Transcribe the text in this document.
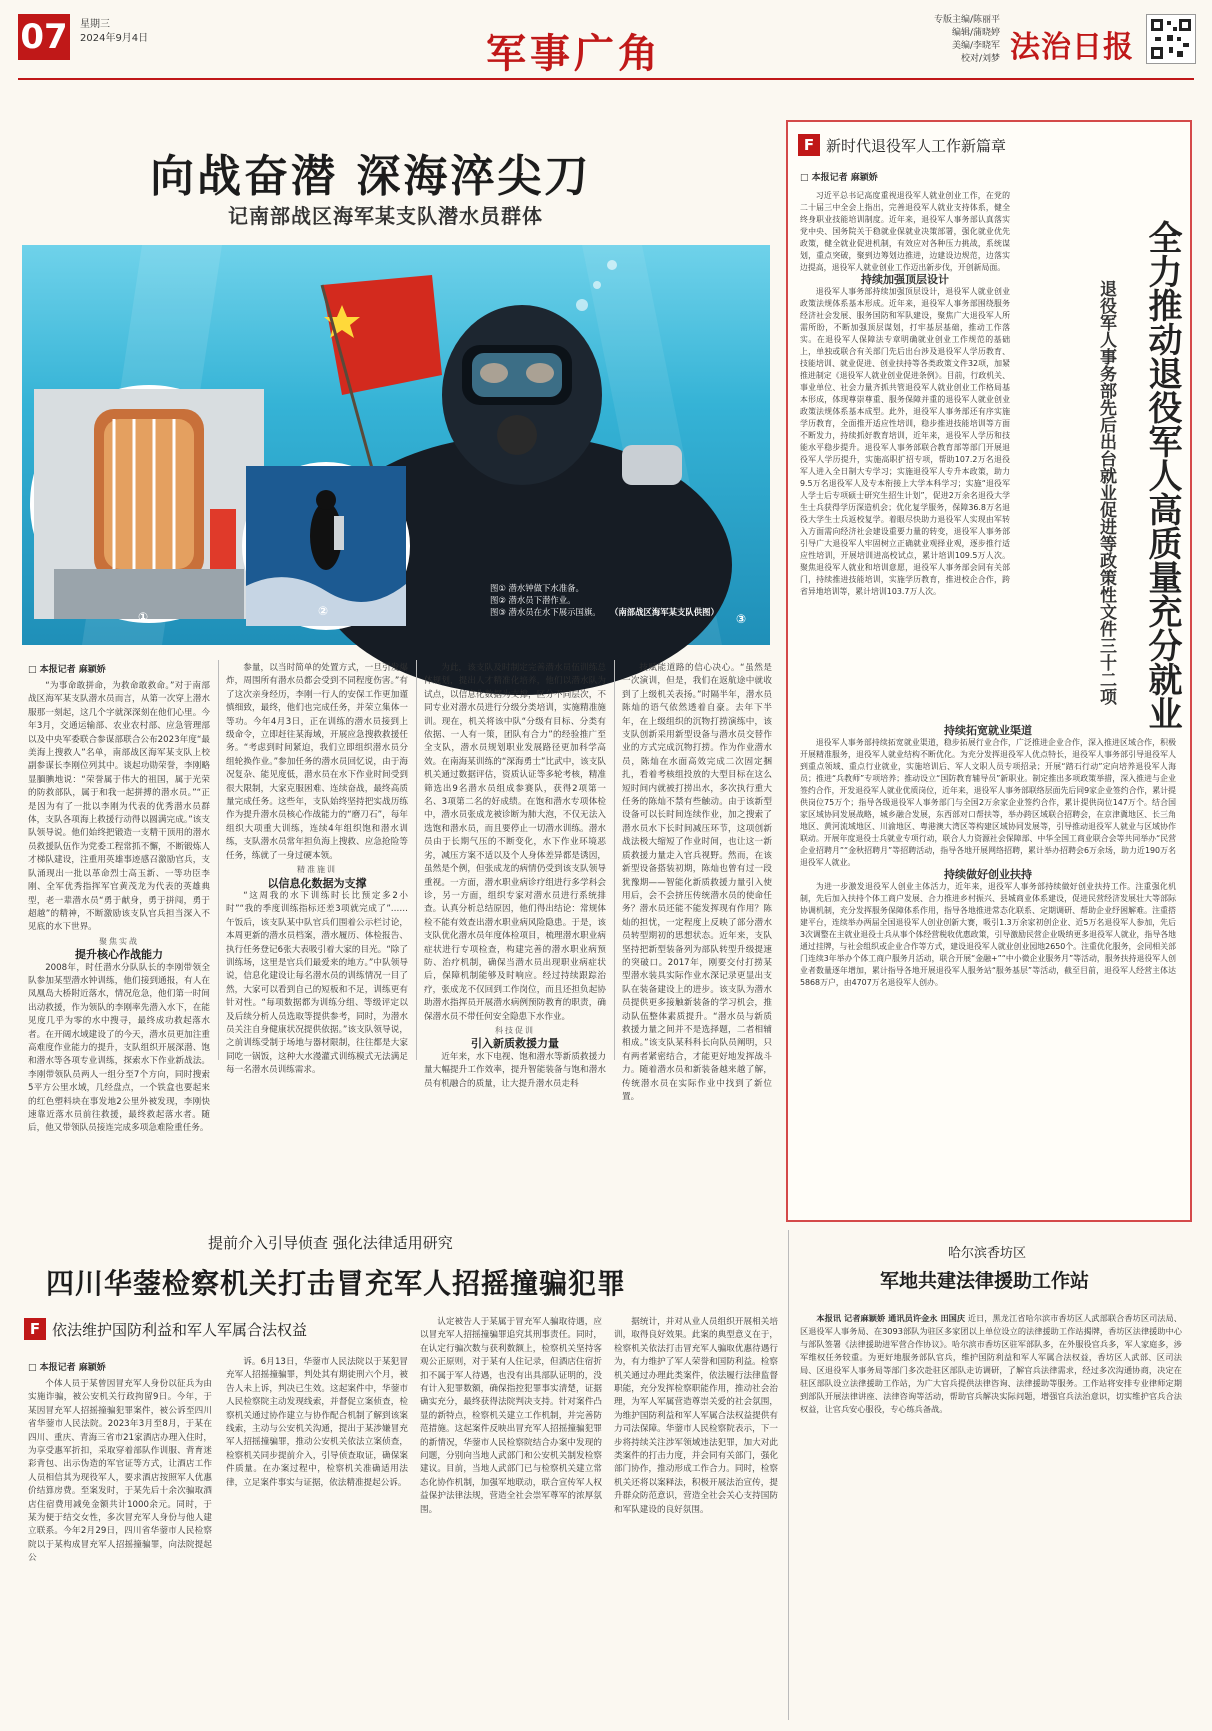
07 星期三
2024年9月4日	军事广角
专版主编/陈丽平
编辑/蒲晓婷
美编/李晓军
校对/刘梦 法治日报
向战奋潜 深海淬尖刀
记南部战区海军某支队潜水员群体
①	②
③
图① 潜水钟做下水准备。
图② 潜水员下潜作业。
图③ 潜水员在水下展示国旗。 （南部战区海军某支队供图）
□ 本报记者 麻颖娇

“为事命敢拼命，为救命敢救命。”对于南部战区海军某支队潜水员而言，从第一次穿上潜水服那一刻起，这几个字就深深刻在他们心里。今年3月，交通运输部、农业农村部、应急管理部以及中央军委联合参谋部联合公布2023年度“最美海上搜救人”名单，南部战区海军某支队上校副参谋长李刚位列其中。谈起功勋荣誉，李刚略显腼腆地说：“荣誉属于伟大的祖国，属于光荣的防救部队，属于和我一起拼搏的潜水员。”“正是因为有了一批以李刚为代表的优秀潜水员群体，支队各项海上救援行动得以圆满完成。”该支队领导说。他们始终把锻造一支精干顶用的潜水员救援队伍作为党委工程常抓不懈，不断锻炼人才梯队建设，注重用英雄事迹感召激励官兵，支队涌现出一批以革命烈士高玉新、一等功臣李刚、全军优秀指挥军官黄茂龙为代表的英雄典型，老一辈潜水员“勇于献身，勇于拼闯，勇于超越”的精神，不断激励该支队官兵担当深入不见底的水下世界。

聚焦实战

提升核心作战能力

2008年，时任潜水分队队长的李刚带领全队参加某型潜水钟训练，他们接到通报，有人在凤凰岛大桥附近落水，情况危急，他们第一时间出动救援，作为领队的李刚率先潜入水下，在能见度几乎为零的水中搜寻，最终成功救起落水者。在开阔水域建设了的今天，潜水员更加注重高难度作业能力的提升，支队组织开展深潜、饱和潜水等各项专业训练，探索水下作业新战法。李刚带领队员两人一组分至7个方向，同时搜索5平方公里水域，几经盘点，一个铁盒也要起来的红色塑料块在事发地2公里外被发现，李刚快速靠近落水员前往救援，最终救起落水者。随后，他又带领队员接连完成多项急难险重任务。

参量，以当时简单的处置方式，一旦引发爆炸，周围所有潜水员都会受到不同程度伤害。”有了这次亲身经历，李刚一行人的安保工作更加谨慎细致，最终，他们也完成任务，并荣立集体一等功。今年4月3日，正在训练的潜水员接到上级命令，立即赶往某海域，开展应急搜救救援任务。“考虑到时间紧迫，我们立即组织潜水员分组轮换作业。”参加任务的潜水员回忆说，由于海况复杂、能见度低，潜水员在水下作业时间受到很大限制，大家克服困难、连续奋战，最终高质量完成任务。这些年，支队始终坚持把实战历练作为提升潜水员核心作战能力的“磨刀石”，每年组织大项重大训练，连续4年组织饱和潜水训练，支队潜水员常年担负海上搜救、应急抢险等任务，练就了一身过硬本领。

精准施训

以信息化数据为支撑

“这周我的水下训练时长比预定多2小时”“我的季度训练指标还差3项就完成了”……午饭后，该支队某中队官兵们围着公示栏讨论，本周更新的潜水员档案，潜水履历、体检报告、执行任务登记6张大表吸引着大家的目光。“除了训练场，这里是官兵们最爱来的地方。”中队领导说，信息化建设让每名潜水员的训练情况一目了然，大家可以看到自己的短板和不足，训练更有针对性。“每项数据都为训练分组、等级评定以及后续分析人员选取等提供参考，同时，为潜水员关注自身健康状况提供依据。”该支队领导说，之前训练受制于场地与器材限制，往往都是大家同吃一锅饭，这种大水漫灌式训练模式无法满足每一名潜水员训练需求。

为此，该支队及时制定完善潜水员伍训练总体规划，提出人才精准化培养，他们以潜水队为试点，以信息化数据为支撑，区分不同层次，不同专业对潜水员进行分级分类培训，实施精准施训。现在，机关将该中队“分级有目标、分类有依据、一人有一策，团队有合力”的经验推广至全支队，潜水员规划职业发展路径更加科学高效。在南海某训练的“深海勇士”比武中，该支队机关通过数据评估，资质认证等多轮考核，精准筛选出9名潜水员组成参赛队，获得2项第一名、3项第二名的好成绩。在饱和潜水专项体检中，潜水员张成龙被诊断为肺大泡，不仅无法入选饱和潜水员，而且要停止一切潜水训练。潜水员由于长期气压的不断变化，水下作业环境恶劣，减压方案不适以及个人身体差异都是诱因，虽然是个例，但张成龙的病情仍受到该支队领导重视。一方面，潜水职业病诊疗组进行多学科会诊，另一方面，组织专家对潜水员进行系统排查。认真分析总结原因，他们得出结论：常规体检不能有效查出潜水职业病风险隐患。于是，该支队优化潜水员年度体检项目，梳理潜水职业病症状进行专项检查，构建完善的潜水职业病预防、治疗机制，确保当潜水员出现职业病症状后，保障机制能够及时响应。经过持续跟踪治疗，张成龙不仅回到工作岗位，而且还担负起协助潜水指挥员开展潜水病例预防教育的职责，确保潜水员不带任何安全隐患下水作业。

科技促训

引入新质救援力量

近年来，水下电视、饱和潜水等新质救援力量大幅提升工作效率，提升智能装备与饱和潜水员有机融合的质量，让大提升潜水员走科

技赋能道路的信心决心。“虽然是一次演训，但是，我们在返航途中就收到了上级机关表扬。”时隔半年，潜水员陈灿的语气依然透着自豪。去年下半年，在上级组织的沉物打捞演练中，该支队创新采用新型设备与潜水员交替作业的方式完成沉物打捞。作为作业潜水员，陈灿在水面高效完成二次固定捆扎，看着考核组投放的大型目标在这么短时间内就被打捞出水，多次执行重大任务的陈灿不禁有些触动。由于该新型设备可以长时间连续作业，加之搜索了潜水员水下长时间减压环节，这项创新战法极大缩短了作业时间，也让这一新质救援力量走入官兵视野。然而，在该新型设备搭装初期，陈灿也曾有过一段犹豫期——智能化新质救援力量引入使用后，会不会挤压传统潜水员的使命任务？潜水员还能不能发挥现有作用？陈灿的担忧，一定程度上反映了部分潜水员转型期初的思想状态。近年来，支队坚持把新型装备列为部队转型升级提速的突破口。2017年，刚要交付打捞某型潜水装具实际作业水深记录更显出支队在装备建设上的进步。该支队为潜水员提供更多接触新装备的学习机会，推动队伍整体素质提升。“潜水员与新质救援力量之间并不是选择题，二者相辅相成。”该支队某科科长向队员阐明，只有两者紧密结合，才能更好地发挥战斗力。随着潜水员和新装备越来越了解，传统潜水员在实际作业中找到了新位置。

F 新时代退役军人工作新篇章
□ 本报记者 麻颖娇

习近平总书记高度重视退役军人就业创业工作，在党的二十届三中全会上指出，完善退役军人就业支持体系，健全终身职业技能培训制度。近年来，退役军人事务部认真落实党中央、国务院关于稳就业保就业决策部署，强化就业优先政策，健全就业促进机制，有效应对各种压力挑战，系统谋划，重点突破，聚到边筹划边推进，边建设边规范，边落实边提高，退役军人就业创业工作迈出新步伐，开创新局面。

持续加强顶层设计

退役军人事务部持续加强顶层设计，退役军人就业创业政策法规体系基本形成。近年来，退役军人事务部围绕服务经济社会发展、服务国防和军队建设，聚焦广大退役军人所需所盼，不断加强顶层谋划，打牢基层基础，推动工作落实。在退役军人保障法专章明确就业创业工作规范的基础上，单独或联合有关部门先后出台涉及退役军人学历教育、技能培训、就业促进、创业扶持等各类政策文件32项，加紧推进制定《退役军人就业创业促进条例》。目前，行政机关、事业单位、社会力量齐抓共管退役军人就业创业工作格局基本形成，体现尊崇尊重、服务保障并重的退役军人就业创业政策法规体系基本成型。此外，退役军人事务部还有序实施学历教育，全面推开适应性培训，稳步推进技能培训等方面不断发力，持续抓好教育培训，近年来，退役军人学历和技能水平稳步提升。退役军人事务部联合教育部等部门开展退役军人学历提升，实施高职扩招专项，帮助107.2万名退役军人进入全日制大专学习；实施退役军人专升本政策，助力9.5万名退役军人及专本衔接上大学本科学习；实施“退役军人学士后专项硕士研究生招生计划”，促进2万余名退役大学生士兵获得学历深造机会；优化复学服务，保障36.8万名退役大学生士兵返校复学。着眼尽快助力退役军人实现由军转入方面需向经济社会建设重要力量的转变，退役军人事务部引导广大退役军人牢固树立正确就业观择业观，逐步推行适应性培训，开展培训进高校试点，累计培训109.5万人次。聚焦退役军人就业和培训意愿，退役军人事务部会同有关部门，持续推进技能培训，实施学历教育，推进校企合作，跨省异地培训等，累计培训103.7万人次。	全力推动退役军人高质量充分就业
退役军人事务部先后出台就业促进等政策性文件三十二项

持续拓宽就业渠道

退役军人事务部持续拓宽就业渠道，稳步拓展行业合作，广泛推进企业合作，深入推进区域合作，积极开展精准服务，退役军人就业结构不断优化。为充分发挥退役军人优点特长，退役军人事务部引导退役军人到重点领域、重点行业就业，实施培训后、军人文职人员专项招录；开展“踏石行动”定向培养退役军人海员；推进“兵教师”专项培养；推动设立“国防教育辅导员”新职业。制定推出多项政策举措，深入推进与企业签约合作，开发退役军人就业优质岗位，近年来，退役军人事务部联络层面先后同9家企业签约合作，累计提供岗位75万个；指导各级退役军人事务部门与全国2万余家企业签约合作，累计提供岗位147万个。结合国家区域协同发展战略，城乡融合发展，东西部对口帮扶等，举办跨区域联合招聘会，在京津冀地区、长三角地区、黄河流域地区、川渝地区、粤港澳大湾区等构建区域协同发展等，引导推动退役军人就业与区域协作联动。开展年度退役士兵就业专项行动，联合人力资源社会保障部、中华全国工商业联合会等共同举办“民营企业招聘月”“金秋招聘月”等招聘活动，指导各地开展网络招聘，累计举办招聘会6万余场，助力近190万名退役军人就业。

持续做好创业扶持

为进一步激发退役军人创业主体活力，近年来，退役军人事务部持续做好创业扶持工作。注重强化机制，先后加入扶持个体工商户发展、合力推进乡村振兴、县城商业体系建设，促进民营经济发展壮大等部际协调机制，充分发挥服务保障体系作用，指导各地推进常态化联系、定期调研、帮助企业纾困解难。注重搭建平台，连续举办两届全国退役军人创业创新大赛，吸引1.3万余家初创企业、近5万名退役军人参加，先后3次调整在主就业退役士兵从事个体经营税收优惠政策，引导激励民营企业吸纳更多退役军人就业，指导各地通过挂牌，与社会组织或企业合作等方式，建设退役军人就业创业园地2650个。注重优化服务，会同相关部门连续3年举办个体工商户服务月活动，联合开展“金融+”“中小微企业服务月”等活动，服务扶持退役军人创业者数量逐年增加，累计指导各地开展退役军人服务站“服务基层”等活动，截至目前，退役军人经营主体达5868万户，由4707万名退役军人创办。

提前介入引导侦查 强化法律适用研究
四川华蓥检察机关打击冒充军人招摇撞骗犯罪
F 依法维护国防利益和军人军属合法权益
□ 本报记者 麻颖娇

个体人员于某曾因冒充军人身份以征兵为由实施诈骗，被公安机关行政拘留9日。今年，于某因冒充军人招摇撞骗犯罪案件，被公诉至四川省华蓥市人民法院。2023年3月至8月，于某在四川、重庆、青海三省市21家酒店办理入住时，为享受惠军折扣，采取穿着部队作训服、背育迷彩背包、出示伪造的军官证等方式，让酒店工作人员相信其为现役军人，要求酒店按照军人优惠价结算房费。至案发时，于某先后十余次骗取酒店住宿费用减免金额共计1000余元。同时，于某为便于结交女性，多次冒充军人身份与他人建立联系。今年2月29日，四川省华蓥市人民检察院以于某构成冒充军人招摇撞骗罪，向法院提起公

诉。6月13日，华蓥市人民法院以于某犯冒充军人招摇撞骗罪，判处其有期徒刑六个月，被告人未上诉，判决已生效。这起案件中，华蓥市人民检察院主动发现线索，并督促立案侦查，检察机关通过协作建立与协作配合机制了解到该案线索，主动与公安机关沟通，提出于某涉嫌冒充军人招摇撞骗罪，推动公安机关依法立案侦查，检察机关同步提前介入，引导侦查取证，确保案件质量。在办案过程中，检察机关准确适用法律，立足案件事实与证据，依法精准提起公诉。

认定被告人于某属于冒充军人骗取待遇，应以冒充军人招摇撞骗罪追究其刑事责任。同时，在认定行骗次数与获利数额上，检察机关坚持客观公正原则，对于某有人住记录，但酒店住宿折扣不属于军人待遇，也没有出具部队证明的，没有计入犯罪数额，确保指控犯罪事实清楚，证据确实充分，最终获得法院判决支持。针对案件凸显的新特点，检察机关建立工作机制，并完善防范措施。这起案件反映出冒充军人招摇撞骗犯罪的新情况，华蓥市人民检察院结合办案中发现的问题，分别向当地人武部门和公安机关制发检察建议。目前，当地人武部门已与检察机关建立常态化协作机制，加强军地联动，联合宣传军人权益保护法律法规，营造全社会崇军尊军的浓厚氛围。

据统计，并对从业人员组织开展相关培训，取得良好效果。此案的典型意义在于，检察机关依法打击冒充军人骗取优惠待遇行为，有力维护了军人荣誉和国防利益。检察机关通过办理此类案件，依法履行法律监督职能，充分发挥检察职能作用，推动社会治理，为军人军属营造尊崇关爱的社会氛围，为维护国防利益和军人军属合法权益提供有力司法保障。华蓥市人民检察院表示，下一步将持续关注涉军领域违法犯罪，加大对此类案件的打击力度，并会同有关部门，强化部门协作，推动形成工作合力。同时，检察机关还将以案释法，积极开展法治宣传，提升群众防范意识，营造全社会关心支持国防和军队建设的良好氛围。

哈尔滨香坊区
军地共建法律援助工作站

本报讯 记者麻颖娇 通讯员许金永 田国庆 近日，黑龙江省哈尔滨市香坊区人武部联合香坊区司法局、区退役军人事务局、在3093部队为驻区多家团以上单位设立的法律援助工作站揭牌，香坊区法律援助中心与部队签署《法律援助进军营合作协议》。哈尔滨市香坊区驻军部队多，在外服役官兵多，军人家庭多，涉军维权任务较重。为更好地服务部队官兵，维护国防利益和军人军属合法权益，香坊区人武部、区司法局、区退役军人事务局等部门多次赴驻区部队走访调研，了解官兵法律需求，经过多次沟通协商，决定在驻区部队设立法律援助工作站，为广大官兵提供法律咨询、法律援助等服务。工作站将安排专业律师定期到部队开展法律讲座、法律咨询等活动，帮助官兵解决实际问题，增强官兵法治意识，切实维护官兵合法权益，让官兵安心服役，专心练兵备战。
